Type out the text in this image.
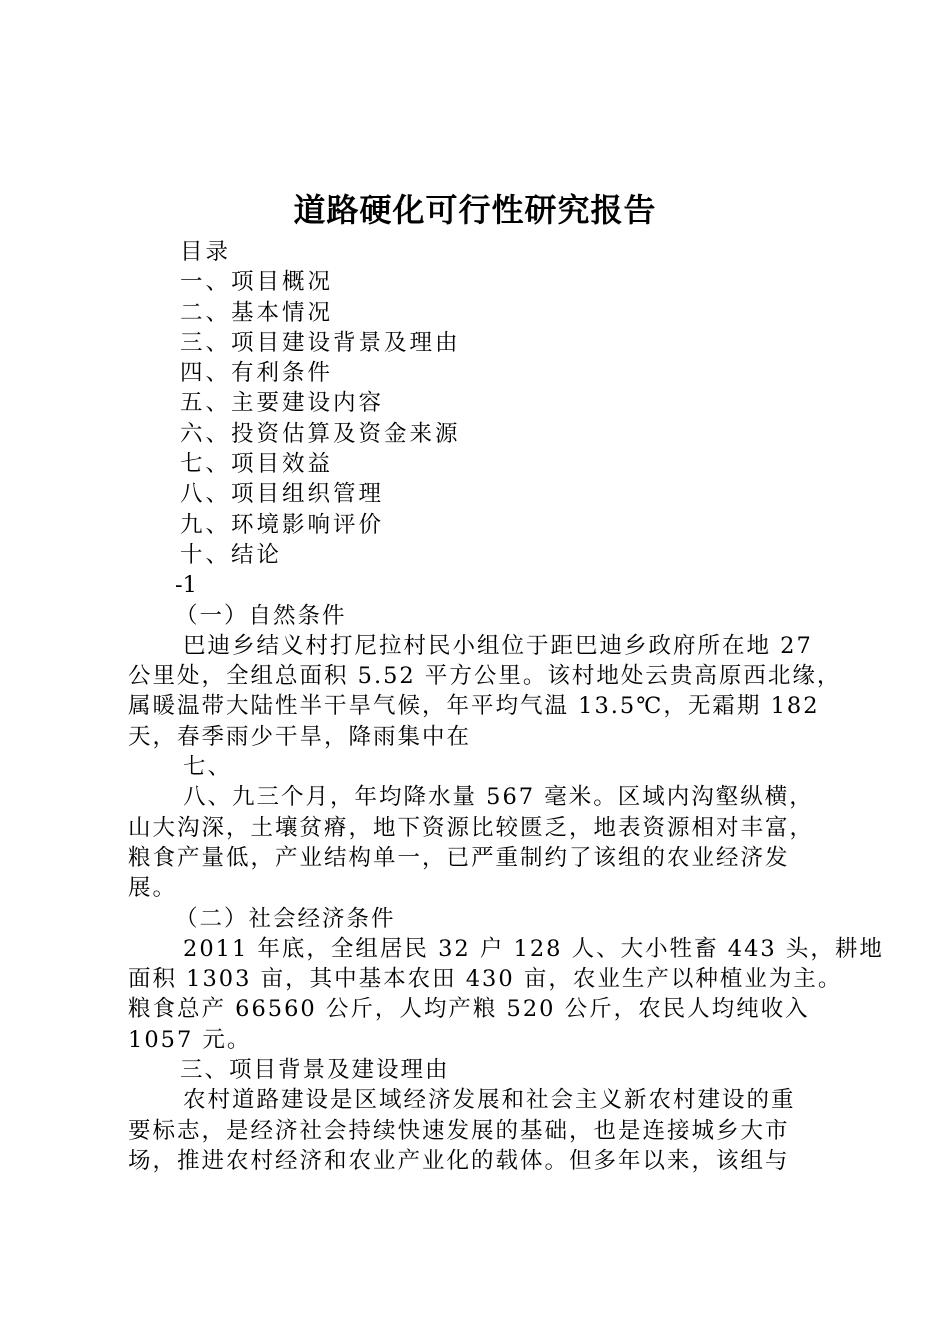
道路硬化可行性研究报告
目录
一、项目概况
二、基本情况
三、项目建设背景及理由
四、有利条件
五、主要建设内容
六、投资估算及资金来源
七、项目效益
八、项目组织管理
九、环境影响评价
十、结论
-1
（一）自然条件
巴迪乡结义村打尼拉村民小组位于距巴迪乡政府所在地 27
公里处，全组总面积 5.52 平方公里。该村地处云贵高原西北缘，
属暖温带大陆性半干旱气候，年平均气温 13.5℃，无霜期 182
天，春季雨少干旱，降雨集中在
七、
八、九三个月，年均降水量 567 毫米。区域内沟壑纵横，
山大沟深，土壤贫瘠，地下资源比较匮乏，地表资源相对丰富，
粮食产量低，产业结构单一，已严重制约了该组的农业经济发
展。
（二）社会经济条件
2011 年底，全组居民 32 户 128 人、大小牲畜 443 头，耕地
面积 1303 亩，其中基本农田 430 亩，农业生产以种植业为主。
粮食总产 66560 公斤，人均产粮 520 公斤，农民人均纯收入
1057 元。
三、项目背景及建设理由
农村道路建设是区域经济发展和社会主义新农村建设的重
要标志，是经济社会持续快速发展的基础，也是连接城乡大市
场，推进农村经济和农业产业化的载体。但多年以来，该组与
